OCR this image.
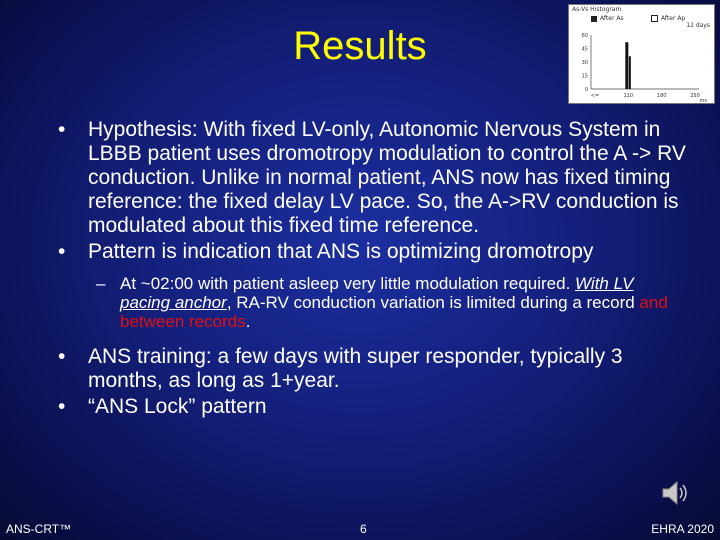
Results
As-Vs Histogram
After As	After Ap
12 days
60
45
30
15
0
<=	110	180	250
ms
• Hypothesis: With fixed LV-only, Autonomic Nervous System in LBBB patient uses dromotropy modulation to control the A -> RV conduction. Unlike in normal patient, ANS now has fixed timing reference: the fixed delay LV pace. So, the A->RV conduction is modulated about this fixed time reference.
• Pattern is indication that ANS is optimizing dromotropy
– At ~02:00 with patient asleep very little modulation required. With LV pacing anchor, RA-RV conduction variation is limited during a record and between records.
• ANS training: a few days with super responder, typically 3 months, as long as 1+year.
• “ANS Lock” pattern
ANS-CRT™	6	EHRA 2020
